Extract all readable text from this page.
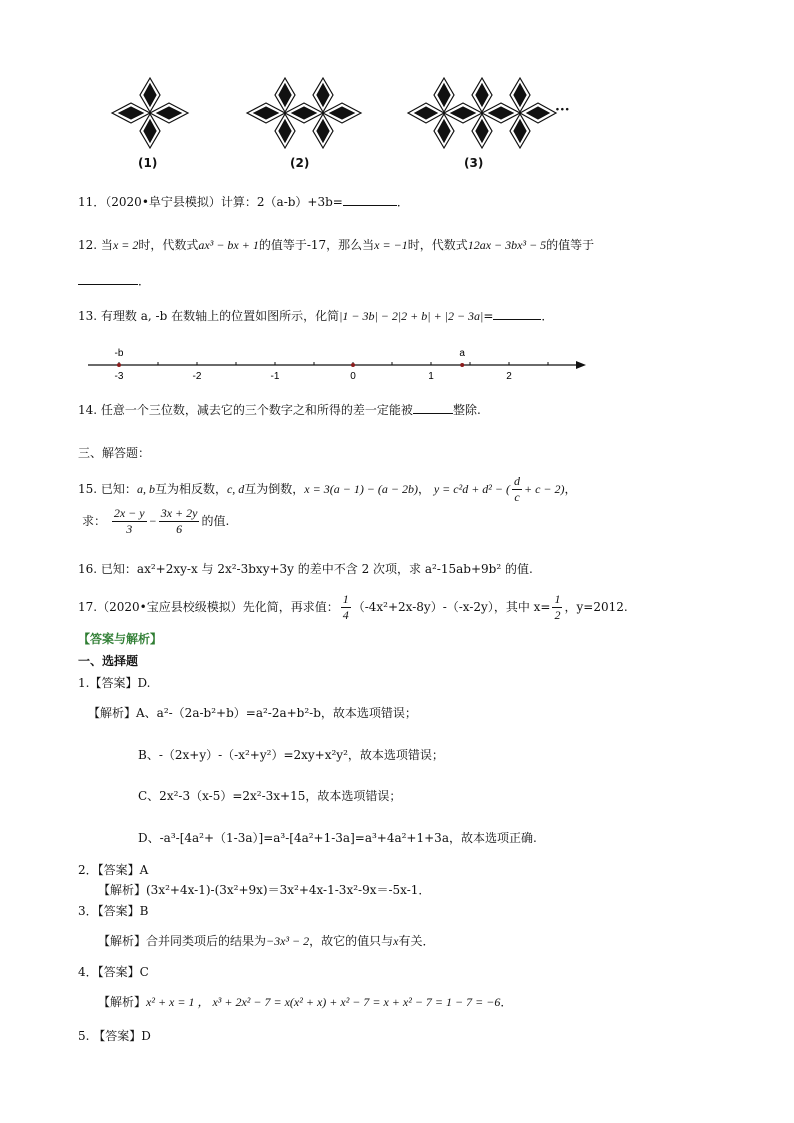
(1)	(2)	(3)
···
11．（2020•阜宁县模拟）计算：2（a-b）+3b=	．
12. 当x = 2时，代数式ax³ − bx + 1的值等于-17，那么当x = −1时，代数式12ax − 3bx³ − 5的值等于
．
13. 有理数 a, -b 在数轴上的位置如图所示，化简|1 − 3b| − 2|2 + b| + |2 − 3a|=	．
-3	-2	-1	0	1	2
-b	a
14. 任意一个三位数，减去它的三个数字之和所得的差一定能被	整除.
三、解答题：
15. 已知：a, b互为相反数，c, d互为倒数，x = 3(a − 1) − (a − 2b)， y = c²d + d² − ( $\frac{d}{c} + c - 2$)，
求： $\frac{2x - y}{3} - \frac{3x + 2y}{6}$ 的值.
16. 已知：ax²+2xy-x 与 2x²-3bxy+3y 的差中不含 2 次项，求 a²-15ab+9b² 的值.
17.（2020•宝应县校级模拟）先化简，再求值： $\frac{1}{4} (-4x^2+2x-8y)-(-x-2y)$，其中 $x= \frac{1}{2}$ ，y=2012.
【答案与解析】
一、选择题
1.【答案】D.
【解析】A、a²-（2a-b²+b）=a²-2a+b²-b，故本选项错误；
B、-（2x+y）-（-x²+y²）=2xy+x²y²，故本选项错误；
C、2x²-3（x-5）=2x²-3x+15，故本选项错误；
D、-a³-[4a²+（1-3a）]=a³-[4a²+1-3a]=a³+4a²+1+3a，故本选项正确.
2．【答案】A
【解析】(3x²+4x-1)-(3x²+9x)＝3x²+4x-1-3x²-9x＝-5x-1．
3．【答案】B
【解析】合并同类项后的结果为−3x³ − 2，故它的值只与x有关．
4．【答案】C
【解析】x² + x = 1 ， x³ + 2x² − 7 = x(x² + x) + x² − 7 = x + x² − 7 = 1 − 7 = −6．
5. 【答案】D
